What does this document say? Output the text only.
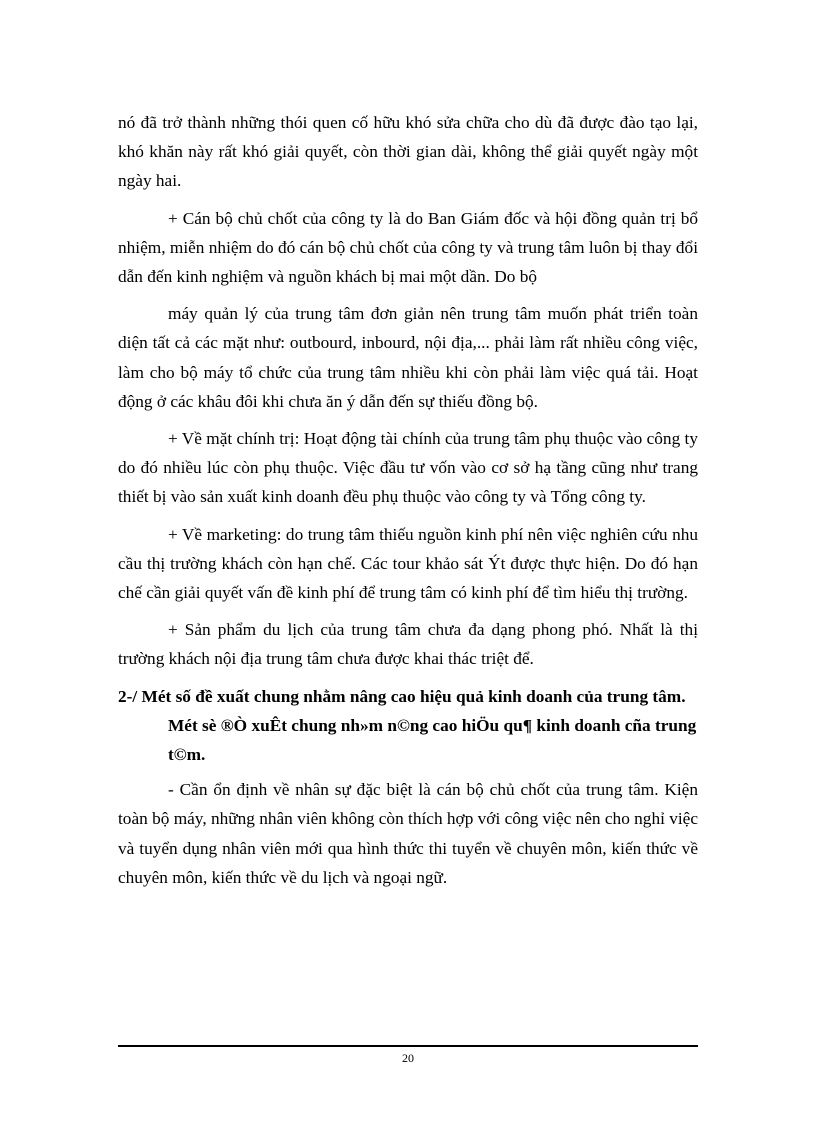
nó đã trở thành những thói quen cố hữu khó sửa chữa cho dù đã được đào tạo lại, khó khăn này rất khó giải quyết, còn thời gian dài, không thể giải quyết ngày một ngày hai.

+ Cán bộ chủ chốt của công ty là do Ban Giám đốc và hội đồng quản trị bổ nhiệm, miễn nhiệm do đó cán bộ chủ chốt của công ty và trung tâm luôn bị thay đổi dẫn đến kinh nghiệm và nguồn khách bị mai một dần. Do bộ

máy quản lý của trung tâm đơn giản nên trung tâm muốn phát triển toàn diện tất cả các mặt như: outbourd, inbourd, nội địa,... phải làm rất nhiều công việc, làm cho bộ máy tổ chức của trung tâm nhiều khi còn phải làm việc quá tải. Hoạt động ở các khâu đôi khi chưa ăn ý dẫn đến sự thiếu đồng bộ.

+ Về mặt chính trị: Hoạt động tài chính của trung tâm phụ thuộc vào công ty do đó nhiều lúc còn phụ thuộc. Việc đầu tư vốn vào cơ sở hạ tầng cũng như trang thiết bị vào sản xuất kinh doanh đều phụ thuộc vào công ty và Tổng công ty.

+ Về marketing: do trung tâm thiếu nguồn kinh phí nên việc nghiên cứu nhu cầu thị trường khách còn hạn chế. Các tour khảo sát Ýt được thực hiện. Do đó hạn chế cần giải quyết vấn đề kinh phí để trung tâm có kinh phí để tìm hiểu thị trường.

+ Sản phẩm du lịch của trung tâm chưa đa dạng phong phó. Nhất là thị trường khách nội địa trung tâm chưa được khai thác triệt để.

2-/ Mét số đề xuất chung nhằm nâng cao hiệu quả kinh doanh của trung tâm. Mét sè ®Ò xuÊt chung nh»m n©ng cao hiÖu qu¶ kinh doanh cña trung t©m.

- Cần ổn định về nhân sự đặc biệt là cán bộ chủ chốt của trung tâm. Kiện toàn bộ máy, những nhân viên không còn thích hợp với công việc nên cho nghỉ việc và tuyển dụng nhân viên mới qua hình thức thi tuyển về chuyên môn, kiến thức về chuyên môn, kiến thức về du lịch và ngoại ngữ.

20
